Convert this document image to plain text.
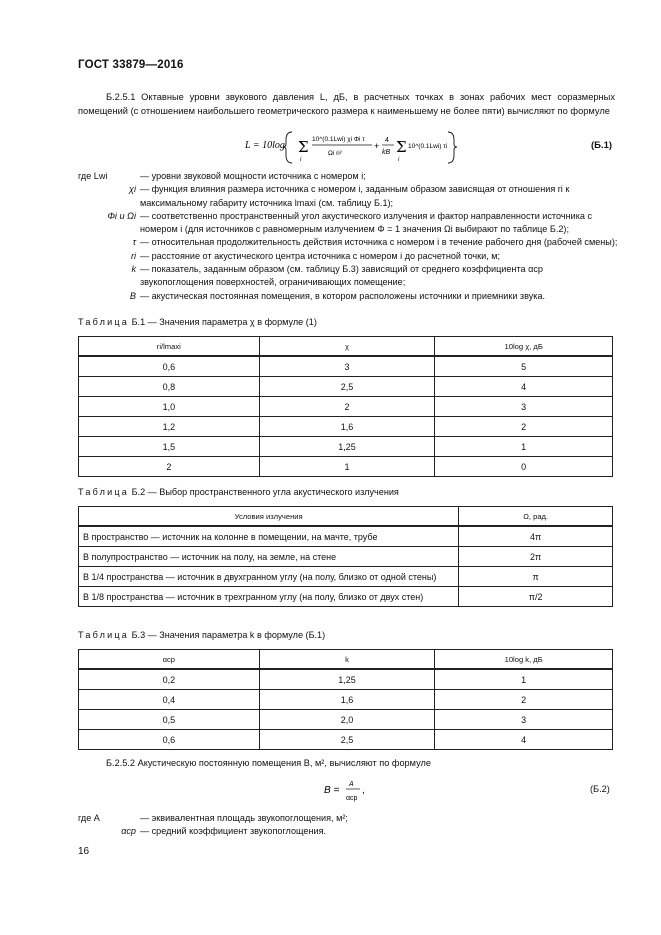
ГОСТ 33879—2016
Б.2.5.1 Октавные уровни звукового давления L, дБ, в расчетных точках в зонах рабочих мест соразмерных помещений (с отношением наибольшего геометрического размера к наименьшему не более пяти) вычисляют по формуле
L = 10log Σ
i
10^(0.1Lwi) χi Φi τ
Ωi ri²
+
4
kB Σ
i
10^(0.1Lwi) τi	(Б.1)
где Lwi	— уровни звуковой мощности источника с номером i;
χi — функция влияния размера источника с номером i, заданным образом зависящая от отношения ri к максимальному габариту источника lmaxi (см. таблицу Б.1);
Φi и Ωi — соответственно пространственный угол акустического излучения и фактор направленности источника с номером i (для источников с равномерным излучением Φ = 1 значения Ωi выбирают по таблице Б.2);
τ — относительная продолжительность действия источника с номером i в течение рабочего дня (рабочей смены);
ri — расстояние от акустического центра источника с номером i до расчетной точки, м;
k — показатель, заданным образом (см. таблицу Б.3) зависящий от среднего коэффициента αср звукопоглощения поверхностей, ограничивающих помещение;
B — акустическая постоянная помещения, в котором расположены источники и приемники звука.
Таблица Б.1 — Значения параметра χ в формуле (1)
ri/lmaxi	χ	10log χ, дБ
0,6	3	5
0,8	2,5	4
1,0	2	3
1,2	1,6	2
1,5	1,25	1
2	1	0
Таблица Б.2 — Выбор пространственного угла акустического излучения
Условия излучения	Ω, рад.
В пространство — источник на колонне в помещении, на мачте, трубе	4π
В полупространство — источник на полу, на земле, на стене	2π
В 1/4 пространства — источник в двухгранном углу (на полу, близко от одной стены)	π
В 1/8 пространства — источник в трехгранном углу (на полу, близко от двух стен)	π/2
Таблица Б.3 — Значения параметра k в формуле (Б.1)
αср	k	10log k, дБ
0,2	1,25	1
0,4	1,6	2
0,5	2,0	3
0,6	2,5	4
Б.2.5.2 Акустическую постоянную помещения B, м², вычисляют по формуле
B =
A
αср
,	(Б.2)
где A	— эквивалентная площадь звукопоглощения, м²;
αср — средний коэффициент звукопоглощения.
16
